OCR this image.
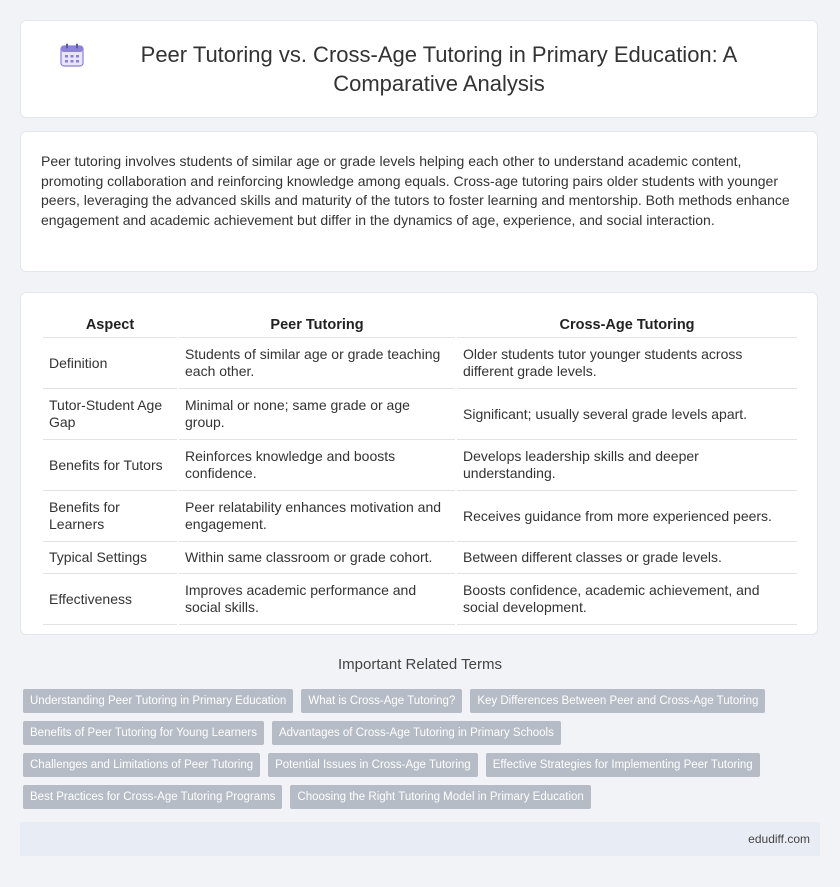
Peer Tutoring vs. Cross-Age Tutoring in Primary Education: A Comparative Analysis

Peer tutoring involves students of similar age or grade levels helping each other to understand academic content, promoting collaboration and reinforcing knowledge among equals. Cross-age tutoring pairs older students with younger peers, leveraging the advanced skills and maturity of the tutors to foster learning and mentorship. Both methods enhance engagement and academic achievement but differ in the dynamics of age, experience, and social interaction.

Aspect	Peer Tutoring	Cross-Age Tutoring
Definition	Students of similar age or grade teaching each other.	Older students tutor younger students across different grade levels.
Tutor-Student Age Gap	Minimal or none; same grade or age group.	Significant; usually several grade levels apart.
Benefits for Tutors	Reinforces knowledge and boosts confidence.	Develops leadership skills and deeper understanding.
Benefits for Learners	Peer relatability enhances motivation and engagement.	Receives guidance from more experienced peers.
Typical Settings	Within same classroom or grade cohort.	Between different classes or grade levels.
Effectiveness	Improves academic performance and social skills.	Boosts confidence, academic achievement, and social development.
Important Related Terms
Understanding Peer Tutoring in Primary Education	What is Cross-Age Tutoring?	Key Differences Between Peer and Cross-Age Tutoring
Benefits of Peer Tutoring for Young Learners	Advantages of Cross-Age Tutoring in Primary Schools
Challenges and Limitations of Peer Tutoring	Potential Issues in Cross-Age Tutoring	Effective Strategies for Implementing Peer Tutoring
Best Practices for Cross-Age Tutoring Programs	Choosing the Right Tutoring Model in Primary Education
edudiff.com
